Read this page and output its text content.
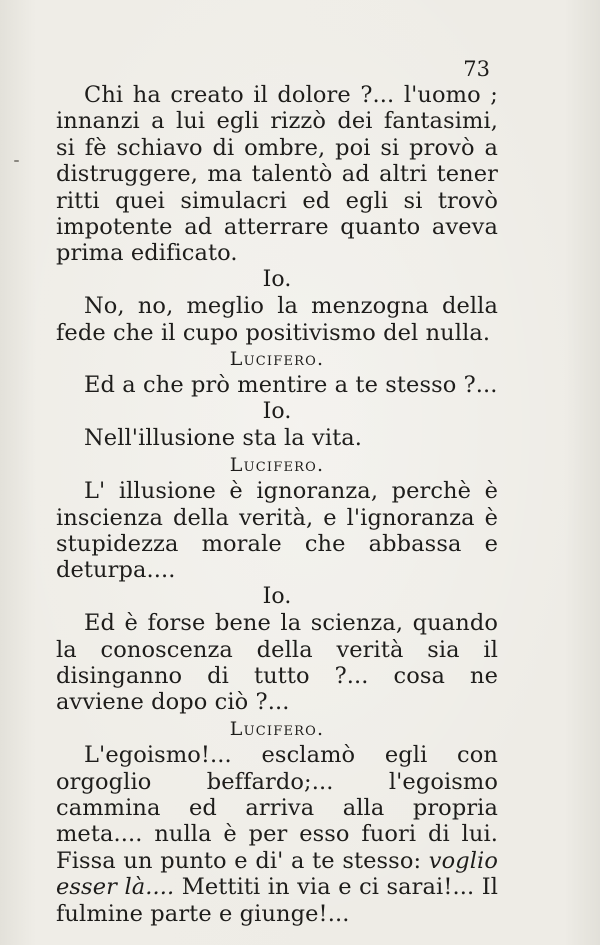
73

Chi ha creato il dolore ?... l'uomo ; innanzi a lui egli rizzò dei fantasimi, si fè schiavo di ombre, poi si provò a distruggere, ma talentò ad altri tener ritti quei simulacri ed egli si trovò impotente ad atterrare quanto aveva prima edificato.

Io.

No, no, meglio la menzogna della fede che il cupo positivismo del nulla.

Lucifero.

Ed a che prò mentire a te stesso ?...

Io.

Nell'illusione sta la vita.

Lucifero.

L' illusione è ignoranza, perchè è inscienza della verità, e l'ignoranza è stupidezza morale che abbassa e deturpa....

Io.

Ed è forse bene la scienza, quando la conoscenza della verità sia il disinganno di tutto ?... cosa ne avviene dopo ciò ?...

Lucifero.

L'egoismo!... esclamò egli con orgoglio beffardo;... l'egoismo cammina ed arriva alla propria meta.... nulla è per esso fuori di lui. Fissa un punto e di' a te stesso: voglio esser là.... Mettiti in via e ci sarai!... Il fulmine parte e giunge!...
